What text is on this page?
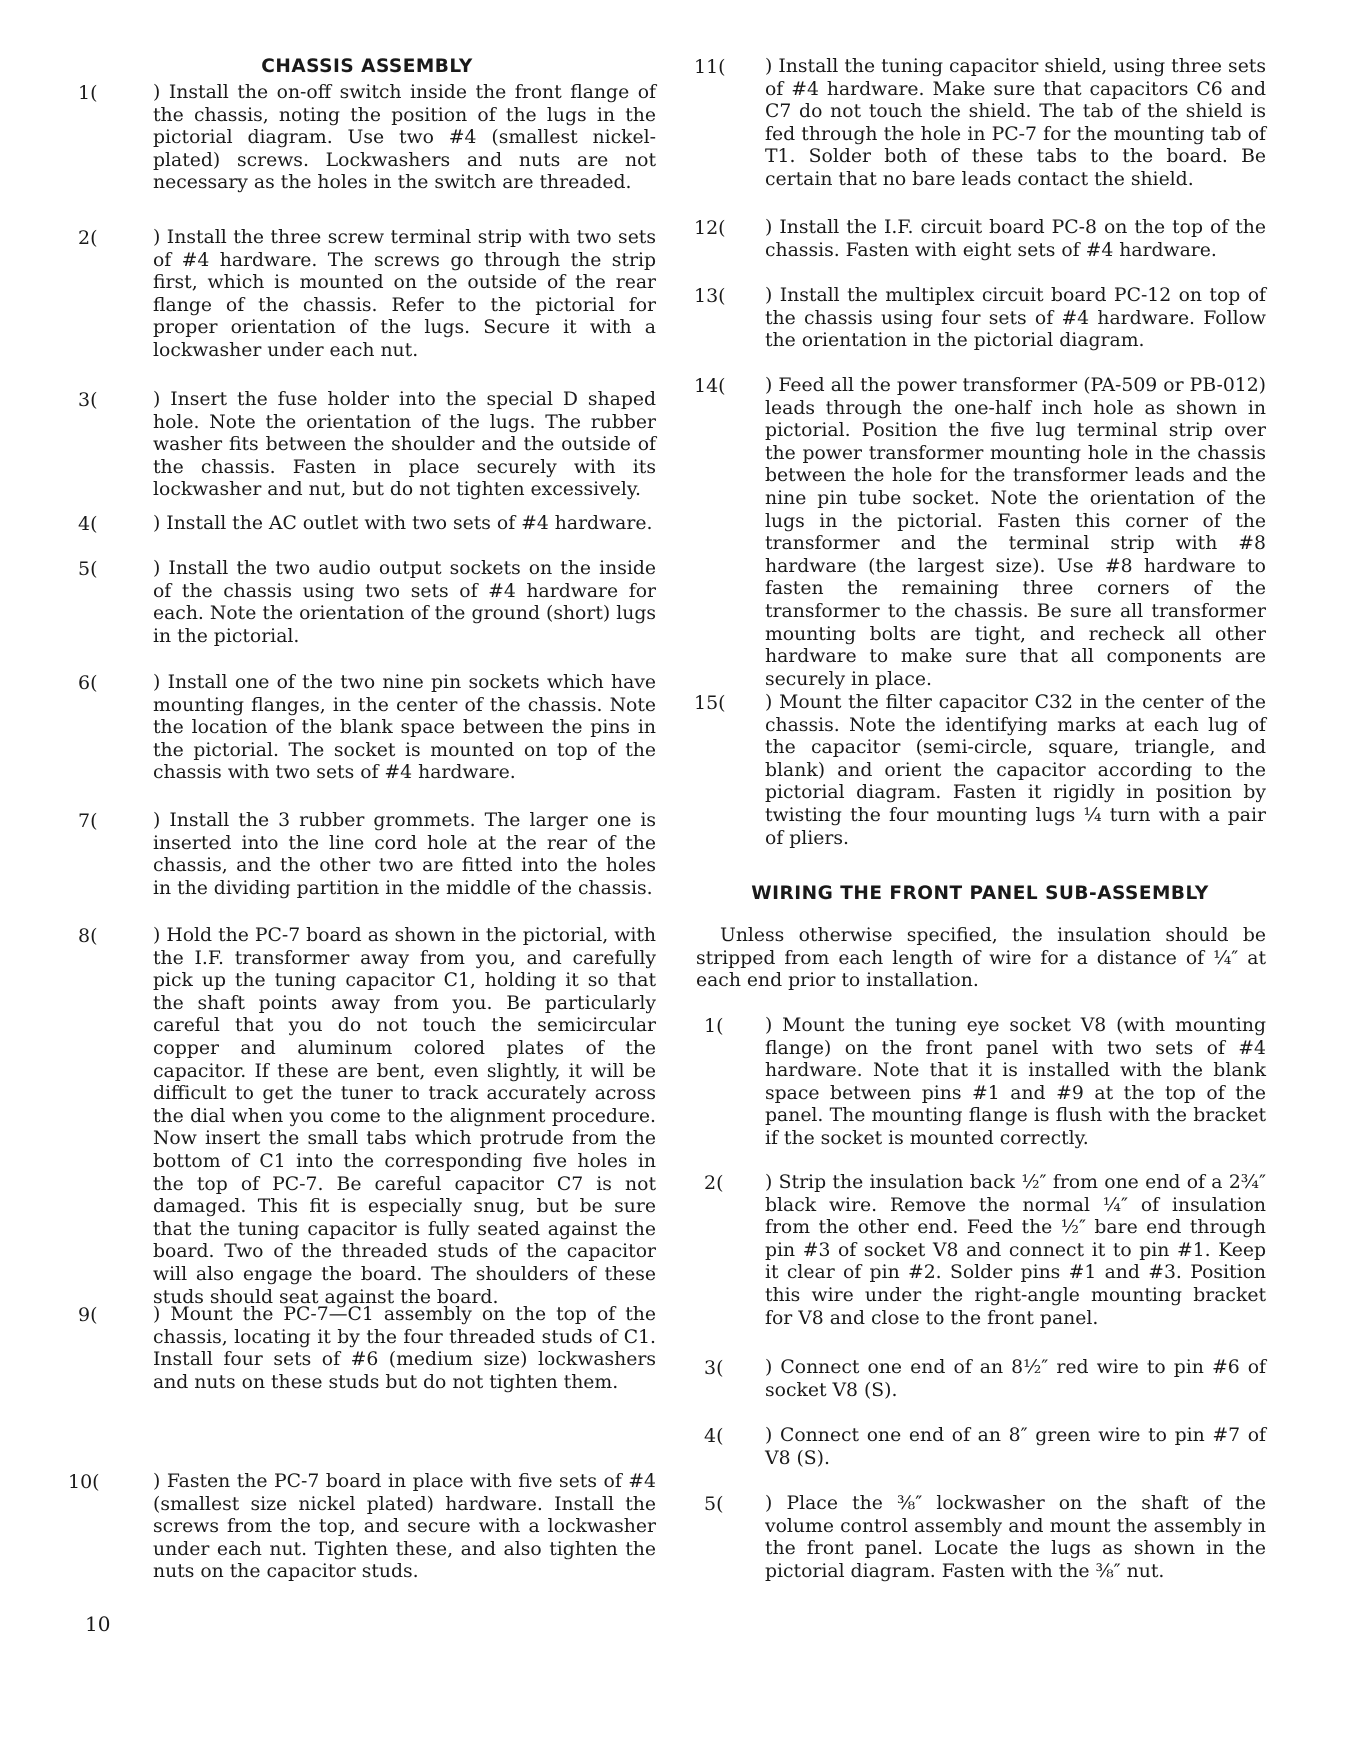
CHASSIS ASSEMBLY
1(	) Install the on-off switch inside the front flange of the chassis, noting the position of the lugs in the pictorial diagram. Use two #4 (smallest nickel-plated) screws. Lockwashers and nuts are not necessary as the holes in the switch are threaded.
2(	) Install the three screw terminal strip with two sets of #4 hardware. The screws go through the strip first, which is mounted on the outside of the rear flange of the chassis. Refer to the pictorial for proper orientation of the lugs. Secure it with a lockwasher under each nut.
3(	) Insert the fuse holder into the special D shaped hole. Note the orientation of the lugs. The rubber washer fits between the shoulder and the outside of the chassis. Fasten in place securely with its lockwasher and nut, but do not tighten excessively.
4(	) Install the AC outlet with two sets of #4 hardware.
5(	) Install the two audio output sockets on the inside of the chassis using two sets of #4 hardware for each. Note the orientation of the ground (short) lugs in the pictorial.
6(	) Install one of the two nine pin sockets which have mounting flanges, in the center of the chassis. Note the location of the blank space between the pins in the pictorial. The socket is mounted on top of the chassis with two sets of #4 hardware.
7(	) Install the 3 rubber grommets. The larger one is inserted into the line cord hole at the rear of the chassis, and the other two are fitted into the holes in the dividing partition in the middle of the chassis.
8(	) Hold the PC-7 board as shown in the pictorial, with the I.F. transformer away from you, and carefully pick up the tuning capacitor C1, holding it so that the shaft points away from you. Be particularly careful that you do not touch the semicircular copper and aluminum colored plates of the capacitor. If these are bent, even slightly, it will be difficult to get the tuner to track accurately across the dial when you come to the alignment procedure. Now insert the small tabs which protrude from the bottom of C1 into the corresponding five holes in the top of PC-7. Be careful capacitor C7 is not damaged. This fit is especially snug, but be sure that the tuning capacitor is fully seated against the board. Two of the threaded studs of the capacitor will also engage the board. The shoulders of these studs should seat against the board.
9(	) Mount the PC-7—C1 assembly on the top of the chassis, locating it by the four threaded studs of C1. Install four sets of #6 (medium size) lockwashers and nuts on these studs but do not tighten them.
10(	) Fasten the PC-7 board in place with five sets of #4 (smallest size nickel plated) hardware. Install the screws from the top, and secure with a lockwasher under each nut. Tighten these, and also tighten the nuts on the capacitor studs.
11( ) Install the tuning capacitor shield, using three sets of #4 hardware. Make sure that capacitors C6 and C7 do not touch the shield. The tab of the shield is fed through the hole in PC-7 for the mounting tab of T1. Solder both of these tabs to the board. Be certain that no bare leads contact the shield.
12( ) Install the I.F. circuit board PC-8 on the top of the chassis. Fasten with eight sets of #4 hardware.
13( ) Install the multiplex circuit board PC-12 on top of the chassis using four sets of #4 hardware. Follow the orientation in the pictorial diagram.
14( ) Feed all the power transformer (PA-509 or PB-012) leads through the one-half inch hole as shown in pictorial. Position the five lug terminal strip over the power transformer mounting hole in the chassis between the hole for the transformer leads and the nine pin tube socket. Note the orientation of the lugs in the pictorial. Fasten this corner of the transformer and the terminal strip with #8 hardware (the largest size). Use #8 hardware to fasten the remaining three corners of the transformer to the chassis. Be sure all transformer mounting bolts are tight, and recheck all other hardware to make sure that all components are securely in place.
15( ) Mount the filter capacitor C32 in the center of the chassis. Note the identifying marks at each lug of the capacitor (semi-circle, square, triangle, and blank) and orient the capacitor according to the pictorial diagram. Fasten it rigidly in position by twisting the four mounting lugs ¼ turn with a pair of pliers.
WIRING THE FRONT PANEL SUB-ASSEMBLY
Unless otherwise specified, the insulation should be stripped from each length of wire for a distance of ¼″ at each end prior to installation.
1( ) Mount the tuning eye socket V8 (with mounting flange) on the front panel with two sets of #4 hardware. Note that it is installed with the blank space between pins #1 and #9 at the top of the panel. The mounting flange is flush with the bracket if the socket is mounted correctly.
2( ) Strip the insulation back ½″ from one end of a 2¾″ black wire. Remove the normal ¼″ of insulation from the other end. Feed the ½″ bare end through pin #3 of socket V8 and connect it to pin #1. Keep it clear of pin #2. Solder pins #1 and #3. Position this wire under the right-angle mounting bracket for V8 and close to the front panel.
3( ) Connect one end of an 8½″ red wire to pin #6 of socket V8 (S).
4( ) Connect one end of an 8″ green wire to pin #7 of V8 (S).
5( ) Place the ⅜″ lockwasher on the shaft of the volume control assembly and mount the assembly in the front panel. Locate the lugs as shown in the pictorial diagram. Fasten with the ⅜″ nut.
10
